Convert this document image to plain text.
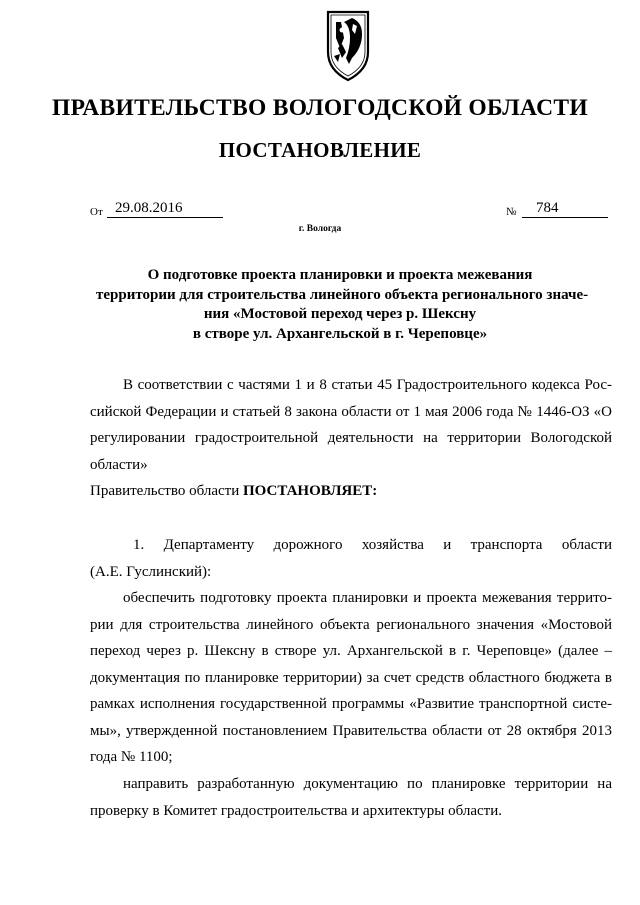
ПРАВИТЕЛЬСТВО ВОЛОГОДСКОЙ ОБЛАСТИ
ПОСТАНОВЛЕНИЕ
От 29.08.2016	№	784
г. Вологда
О подготовке проекта планировки и проекта межевания
территории для строительства линейного объекта регионального значе-
ния «Мостовой переход через р. Шексну
в створе ул. Архангельской в г. Череповце»
В соответствии с частями 1 и 8 статьи 45 Градостроительного кодекса Рос-
сийской Федерации и статьей 8 закона области от 1 мая 2006 года № 1446-ОЗ «О
регулировании градостроительной деятельности на территории Вологодской
области»
Правительство области ПОСТАНОВЛЯЕТ:
1. Департаменту дорожного хозяйства и транспорта области
(А.Е. Гуслинский):
обеспечить подготовку проекта планировки и проекта межевания террито-
рии для строительства линейного объекта регионального значения «Мостовой
переход через р. Шексну в створе ул. Архангельской в г. Череповце» (далее –
документация по планировке территории) за счет средств областного бюджета в
рамках исполнения государственной программы «Развитие транспортной систе-
мы», утвержденной постановлением Правительства области от 28 октября 2013
года № 1100;
направить разработанную документацию по планировке территории на
проверку в Комитет градостроительства и архитектуры области.
